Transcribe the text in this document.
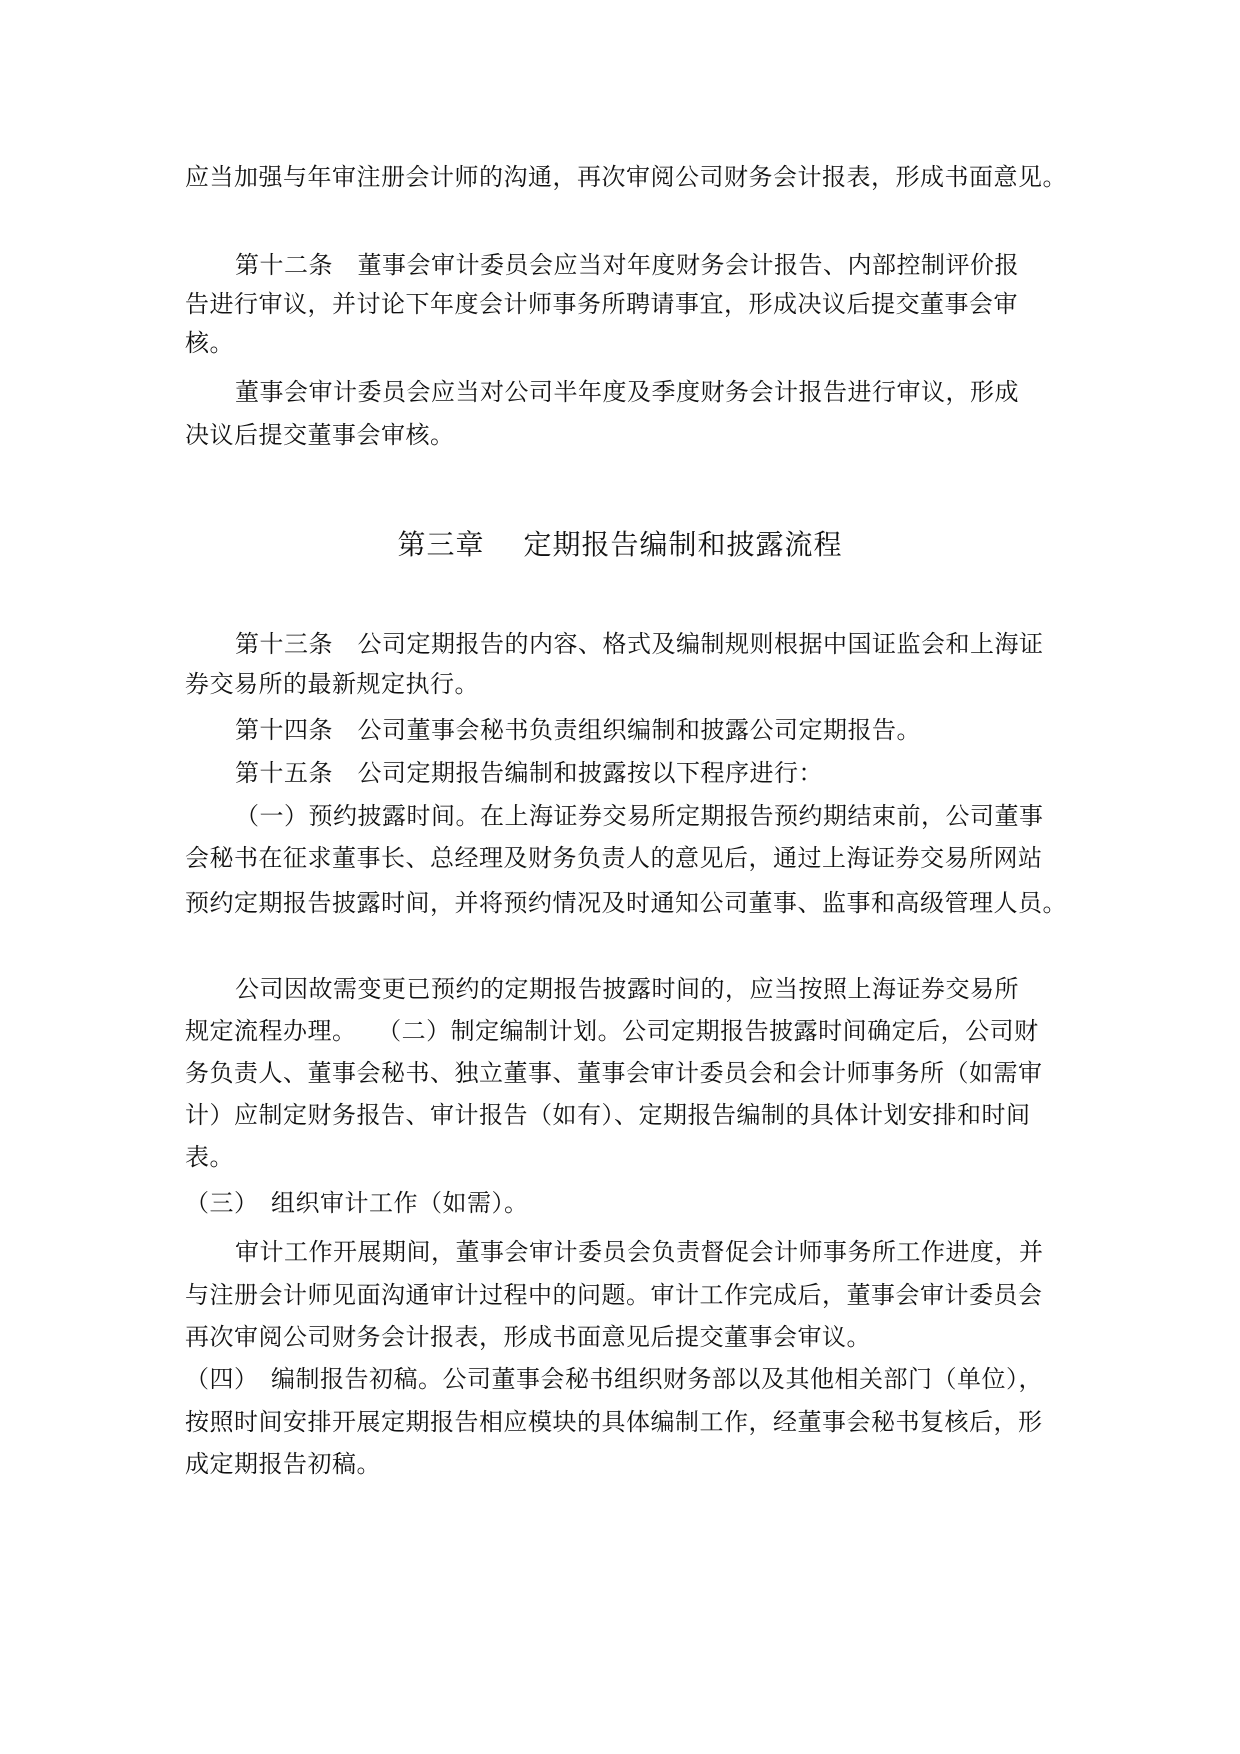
应当加强与年审注册会计师的沟通，再次审阅公司财务会计报表，形成书面意见。
第十二条　董事会审计委员会应当对年度财务会计报告、内部控制评价报
告进行审议，并讨论下年度会计师事务所聘请事宜，形成决议后提交董事会审
核。
董事会审计委员会应当对公司半年度及季度财务会计报告进行审议，形成
决议后提交董事会审核。
第三章　 定期报告编制和披露流程
第十三条　公司定期报告的内容、格式及编制规则根据中国证监会和上海证
券交易所的最新规定执行。
第十四条　公司董事会秘书负责组织编制和披露公司定期报告。
第十五条　公司定期报告编制和披露按以下程序进行：
（一）预约披露时间。在上海证券交易所定期报告预约期结束前，公司董事
会秘书在征求董事长、总经理及财务负责人的意见后，通过上海证券交易所网站
预约定期报告披露时间，并将预约情况及时通知公司董事、监事和高级管理人员。
公司因故需变更已预约的定期报告披露时间的，应当按照上海证券交易所
规定流程办理。　 （二）制定编制计划。公司定期报告披露时间确定后，公司财
务负责人、董事会秘书、独立董事、董事会审计委员会和会计师事务所（如需审
计）应制定财务报告、审计报告（如有）、定期报告编制的具体计划安排和时间
表。
（三）　组织审计工作（如需）。
审计工作开展期间，董事会审计委员会负责督促会计师事务所工作进度，并
与注册会计师见面沟通审计过程中的问题。审计工作完成后，董事会审计委员会
再次审阅公司财务会计报表，形成书面意见后提交董事会审议。
（四）　编制报告初稿。公司董事会秘书组织财务部以及其他相关部门（单位），
按照时间安排开展定期报告相应模块的具体编制工作，经董事会秘书复核后，形
成定期报告初稿。
